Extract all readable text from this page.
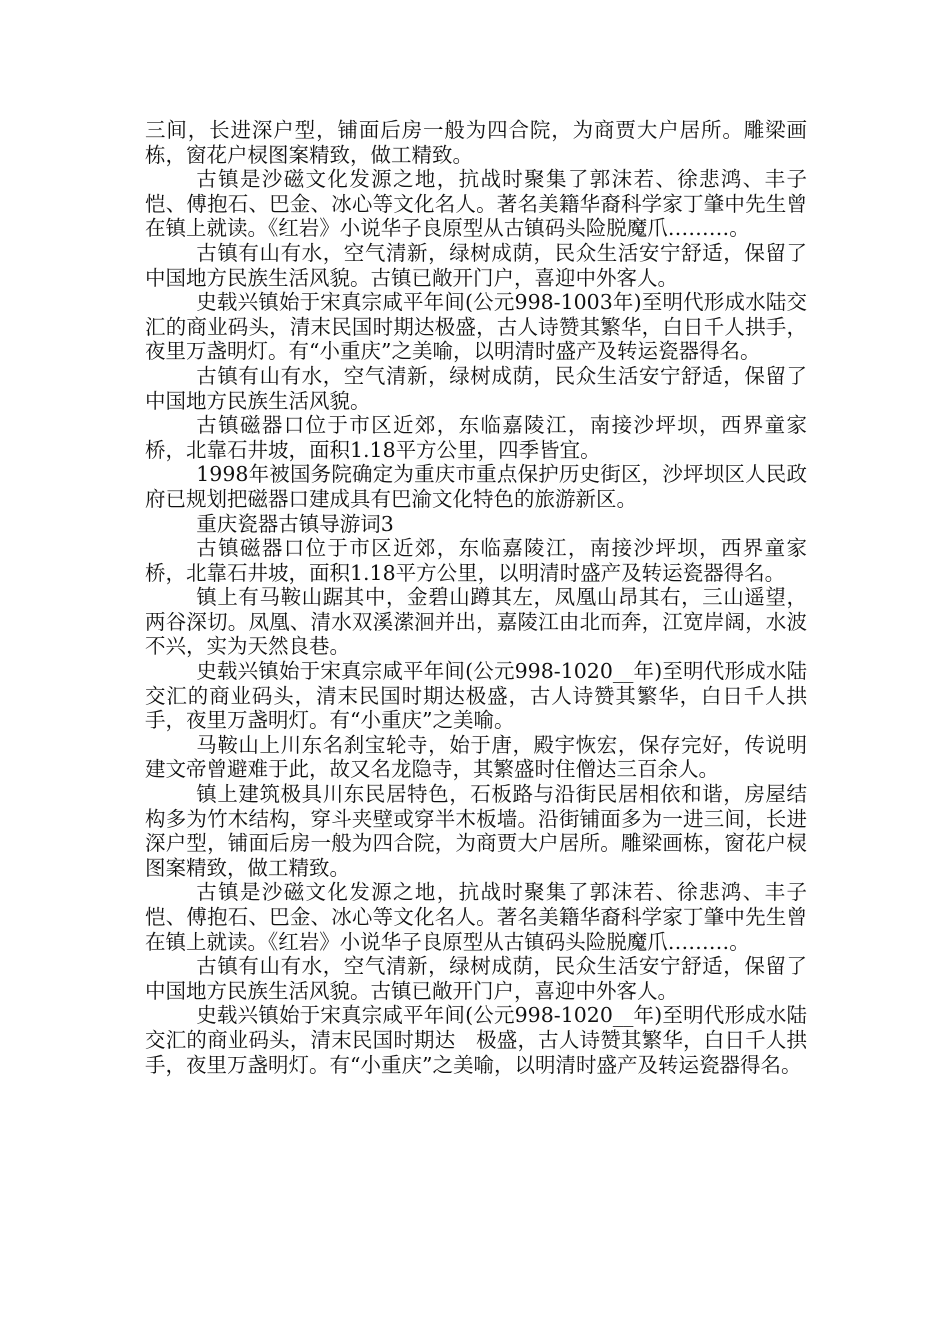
三间，长进深户型，铺面后房一般为四合院，为商贾大户居所。雕梁画栋，窗花户棂图案精致，做工精致。

古镇是沙磁文化发源之地，抗战时聚集了郭沫若、徐悲鸿、丰子恺、傅抱石、巴金、冰心等文化名人。著名美籍华裔科学家丁肇中先生曾在镇上就读。《红岩》小说华子良原型从古镇码头险脱魔爪………。

古镇有山有水，空气清新，绿树成荫，民众生活安宁舒适，保留了中国地方民族生活风貌。古镇已敞开门户，喜迎中外客人。

史载兴镇始于宋真宗咸平年间(公元998-1003年)至明代形成水陆交汇的商业码头，清末民国时期达极盛，古人诗赞其繁华，白日千人拱手，夜里万盏明灯。有“小重庆”之美喻，以明清时盛产及转运瓷器得名。

古镇有山有水，空气清新，绿树成荫，民众生活安宁舒适，保留了中国地方民族生活风貌。

古镇磁器口位于市区近郊，东临嘉陵江，南接沙坪坝，西界童家桥，北靠石井坡，面积1.18平方公里，四季皆宜。

1998年被国务院确定为重庆市重点保护历史街区，沙坪坝区人民政府已规划把磁器口建成具有巴渝文化特色的旅游新区。

重庆瓷器古镇导游词3

古镇磁器口位于市区近郊，东临嘉陵江，南接沙坪坝，西界童家桥，北靠石井坡，面积1.18平方公里，以明清时盛产及转运瓷器得名。

镇上有马鞍山踞其中，金碧山蹲其左，凤凰山昂其右，三山遥望，两谷深切。凤凰、清水双溪潆洄并出，嘉陵江由北而奔，江宽岸阔，水波不兴，实为天然良巷。

史载兴镇始于宋真宗咸平年间(公元998-1020__年)至明代形成水陆交汇的商业码头，清末民国时期达极盛，古人诗赞其繁华，白日千人拱手，夜里万盏明灯。有“小重庆”之美喻。

马鞍山上川东名刹宝轮寺，始于唐，殿宇恢宏，保存完好，传说明建文帝曾避难于此，故又名龙隐寺，其繁盛时住僧达三百余人。

镇上建筑极具川东民居特色，石板路与沿街民居相依和谐，房屋结构多为竹木结构，穿斗夹壁或穿半木板墙。沿街铺面多为一进三间，长进深户型，铺面后房一般为四合院，为商贾大户居所。雕梁画栋，窗花户棂图案精致，做工精致。

古镇是沙磁文化发源之地，抗战时聚集了郭沫若、徐悲鸿、丰子恺、傅抱石、巴金、冰心等文化名人。著名美籍华裔科学家丁肇中先生曾在镇上就读。《红岩》小说华子良原型从古镇码头险脱魔爪………。

古镇有山有水，空气清新，绿树成荫，民众生活安宁舒适，保留了中国地方民族生活风貌。古镇已敞开门户，喜迎中外客人。

史载兴镇始于宋真宗咸平年间(公元998-1020__年)至明代形成水陆交汇的商业码头，清末民国时期达　极盛，古人诗赞其繁华，白日千人拱手，夜里万盏明灯。有“小重庆”之美喻，以明清时盛产及转运瓷器得名。
